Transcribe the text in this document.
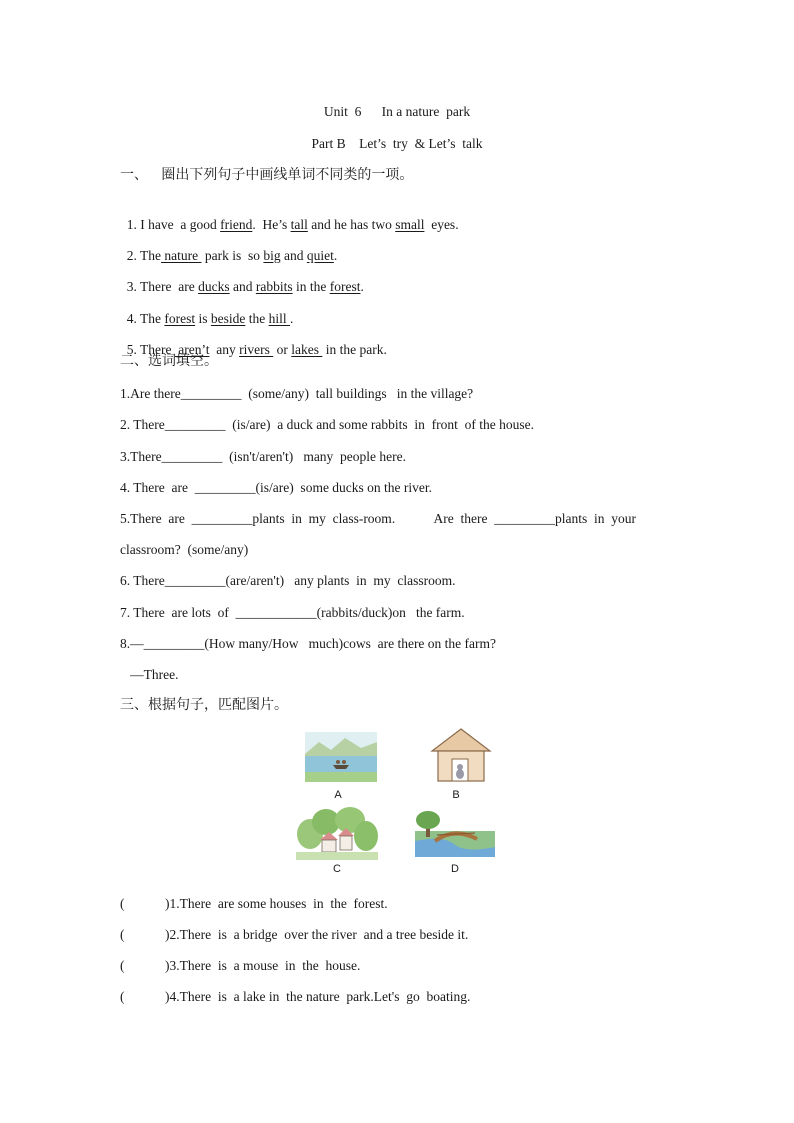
Unit  6      In a nature  park
Part B    Let’s  try  & Let’s  talk
一、   圈出下列句子中画线单词不同类的一项。

1. I have  a good friend.  He’s tall and he has two small  eyes.

2. The nature  park is  so big and quiet.

3. There  are ducks and rabbits in the forest.

4. The forest is beside the hill .

5. There  aren’t  any rivers  or lakes  in the park.

二、选词填空。
1.Are there_________  (some/any)  tall buildings   in the village?
2. There_________  (is/are)  a duck and some rabbits  in  front  of the house.
3.There_________  (isn't/aren't)   many  people here.
4. There  are  _________(is/are)  some ducks on the river.
5.There  are  _________plants  in  my  class-room.	Are  there  _________plants  in  your
classroom?  (some/any)
6. There_________(are/aren't)   any plants  in  my  classroom.
7. There  are lots  of  ____________(rabbits/duck)on   the farm.
8.—_________(How many/How   much)cows  are there on the farm?
—Three.
三、根据句子，匹配图片。
A	B
C	D
(            )1.There  are some houses  in  the  forest.
(            )2.There  is  a bridge  over the river  and a tree beside it.
(            )3.There  is  a mouse  in  the  house.
(            )4.There  is  a lake in  the nature  park.Let's  go  boating.
